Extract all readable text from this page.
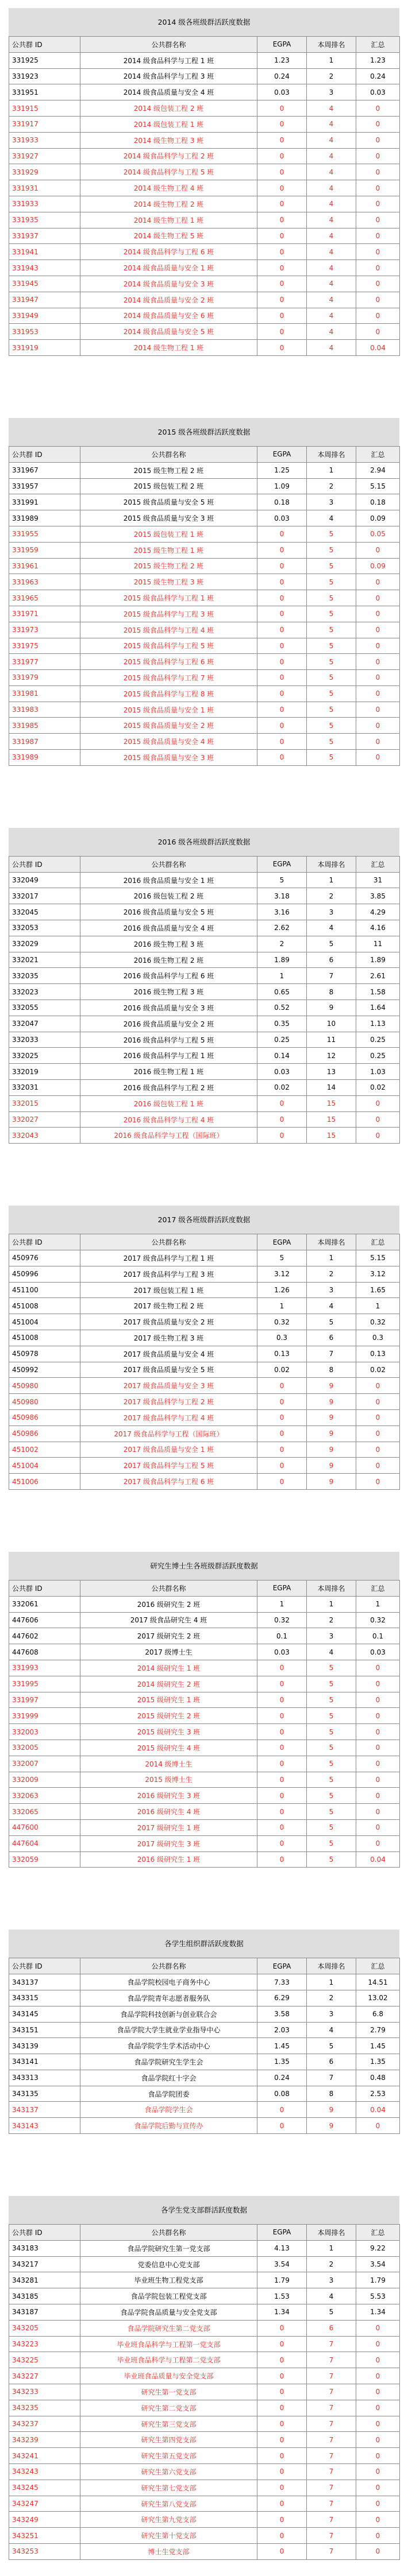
2014 级各班级群活跃度数据
公共群 ID	公共群名称	EGPA	本周排名	汇总
331925	2014 级食品科学与工程 1 班	1.23	1	1.23
331923	2014 级食品科学与工程 3 班	0.24	2	0.24
331951	2014 级食品质量与安全 4 班	0.03	3	0.03
331915	2014 级包装工程 2 班	0	4	0
331917	2014 级包装工程 1 班	0	4	0
331933	2014 级生物工程 3 班	0	4	0
331927	2014 级食品科学与工程 2 班	0	4	0
331929	2014 级食品科学与工程 5 班	0	4	0
331931	2014 级生物工程 4 班	0	4	0
331933	2014 级生物工程 2 班	0	4	0
331935	2014 级生物工程 1 班	0	4	0
331937	2014 级生物工程 5 班	0	4	0
331941	2014 级食品科学与工程 6 班	0	4	0
331943	2014 级食品质量与安全 1 班	0	4	0
331945	2014 级食品质量与安全 3 班	0	4	0
331947	2014 级食品质量与安全 2 班	0	4	0
331949	2014 级食品质量与安全 6 班	0	4	0
331953	2014 级食品质量与安全 5 班	0	4	0
331919	2014 级生物工程 1 班	0	4	0.04
2015 级各班级群活跃度数据
公共群 ID	公共群名称	EGPA	本周排名	汇总
331967	2015 级生物工程 2 班	1.25	1	2.94
331957	2015 级包装工程 2 班	1.09	2	5.15
331991	2015 级食品质量与安全 5 班	0.18	3	0.18
331989	2015 级食品质量与安全 3 班	0.03	4	0.09
331955	2015 级包装工程 1 班	0	5	0.05
331959	2015 级生物工程 1 班	0	5	0
331961	2015 级生物工程 2 班	0	5	0.09
331963	2015 级生物工程 3 班	0	5	0
331965	2015 级食品科学与工程 1 班	0	5	0
331971	2015 级食品科学与工程 3 班	0	5	0
331973	2015 级食品科学与工程 4 班	0	5	0
331975	2015 级食品科学与工程 5 班	0	5	0
331977	2015 级食品科学与工程 6 班	0	5	0
331979	2015 级食品科学与工程 7 班	0	5	0
331981	2015 级食品科学与工程 8 班	0	5	0
331983	2015 级食品质量与安全 1 班	0	5	0
331985	2015 级食品质量与安全 2 班	0	5	0
331987	2015 级食品质量与安全 4 班	0	5	0
331989	2015 级食品质量与安全 3 班	0	5	0
2016 级各班级群活跃度数据
公共群 ID	公共群名称	EGPA	本周排名	汇总
332049	2016 级食品质量与安全 1 班	5	1	31
332017	2016 级包装工程 2 班	3.18	2	3.85
332045	2016 级食品质量与安全 5 班	3.16	3	4.29
332053	2016 级食品质量与安全 4 班	2.62	4	4.16
332029	2016 级生物工程 3 班	2	5	11
332021	2016 级生物工程 2 班	1.89	6	1.89
332035	2016 级食品科学与工程 6 班	1	7	2.61
332023	2016 级生物工程 3 班	0.65	8	1.58
332055	2016 级食品质量与安全 3 班	0.52	9	1.64
332047	2016 级食品质量与安全 2 班	0.35	10	1.13
332033	2016 级食品科学与工程 5 班	0.25	11	0.25
332025	2016 级食品科学与工程 1 班	0.14	12	0.25
332019	2016 级生物工程 1 班	0.03	13	1.03
332031	2016 级食品科学与工程 2 班	0.02	14	0.02
332015	2016 级包装工程 1 班	0	15	0
332027	2016 级食品科学与工程 4 班	0	15	0
332043	2016 级食品科学与工程（国际班）	0	15	0
2017 级各班级群活跃度数据
公共群 ID	公共群名称	EGPA	本周排名	汇总
450976	2017 级食品科学与工程 1 班	5	1	5.15
450996	2017 级食品科学与工程 3 班	3.12	2	3.12
451100	2017 级包装工程 1 班	1.26	3	1.65
451008	2017 级生物工程 2 班	1	4	1
451004	2017 级食品质量与安全 2 班	0.32	5	0.32
451008	2017 级生物工程 3 班	0.3	6	0.3
450978	2017 级食品质量与安全 4 班	0.13	7	0.13
450992	2017 级食品质量与安全 5 班	0.02	8	0.02
450980	2017 级食品质量与安全 3 班	0	9	0
450980	2017 级食品科学与工程 2 班	0	9	0
450986	2017 级食品科学与工程 4 班	0	9	0
450986	2017 级食品科学与工程（国际班）	0	9	0
451002	2017 级食品质量与安全 1 班	0	9	0
451004	2017 级食品科学与工程 5 班	0	9	0
451006	2017 级食品科学与工程 6 班	0	9	0
研究生博士生各班级群活跃度数据
公共群 ID	公共群名称	EGPA	本周排名	汇总
332061	2016 级研究生 2 班	1	1	1
447606	2017 级食品研究生 4 班	0.32	2	0.32
447602	2017 级研究生 2 班	0.1	3	0.1
447608	2017 级博士生	0.03	4	0.03
331993	2014 级研究生 1 班	0	5	0
331995	2014 级研究生 2 班	0	5	0
331997	2015 级研究生 1 班	0	5	0
331999	2015 级研究生 2 班	0	5	0
332003	2015 级研究生 3 班	0	5	0
332005	2015 级研究生 4 班	0	5	0
332007	2014 级博士生	0	5	0
332009	2015 级博士生	0	5	0
332063	2016 级研究生 3 班	0	5	0
332065	2016 级研究生 4 班	0	5	0
447600	2017 级研究生 1 班	0	5	0
447604	2017 级研究生 3 班	0	5	0
332059	2016 级研究生 1 班	0	5	0.04
各学生组织群活跃度数据
公共群 ID	公共群名称	EGPA	本周排名	汇总
343137	食品学院校园电子商务中心	7.33	1	14.51
343315	食品学院青年志愿者服务队	6.29	2	13.02
343145	食品学院科技创新与创业联合会	3.58	3	6.8
343151	食品学院大学生就业学业指导中心	2.03	4	2.79
343139	食品学院学生学术活动中心	1.45	5	1.45
343141	食品学院研究生学生会	1.35	6	1.35
343313	食品学院红十字会	0.24	7	0.48
343135	食品学院团委	0.08	8	2.53
343137	食品学院学生会	0	9	0.04
343143	食品学院后勤与宣传办	0	9	0
各学生党支部群活跃度数据
公共群 ID	公共群名称	EGPA	本周排名	汇总
343183	食品学院研究生第一党支部	4.13	1	9.22
343217	党委信息中心党支部	3.54	2	3.54
343281	毕业班生物工程党支部	1.79	3	1.79
343185	食品学院包装工程党支部	1.53	4	5.53
343187	食品学院食品质量与安全党支部	1.34	5	1.34
343205	食品学院研究生第二党支部	0	6	0
343223	毕业班食品科学与工程第一党支部	0	7	0
343225	毕业班食品科学与工程第二党支部	0	7	0
343227	毕业班食品质量与安全党支部	0	7	0
343233	研究生第一党支部	0	7	0
343235	研究生第二党支部	0	7	0
343237	研究生第三党支部	0	7	0
343239	研究生第四党支部	0	7	0
343241	研究生第五党支部	0	7	0
343243	研究生第六党支部	0	7	0
343245	研究生第七党支部	0	7	0
343247	研究生第八党支部	0	7	0
343249	研究生第九党支部	0	7	0
343251	研究生第十党支部	0	7	0
343253	博士生党支部	0	7	0
